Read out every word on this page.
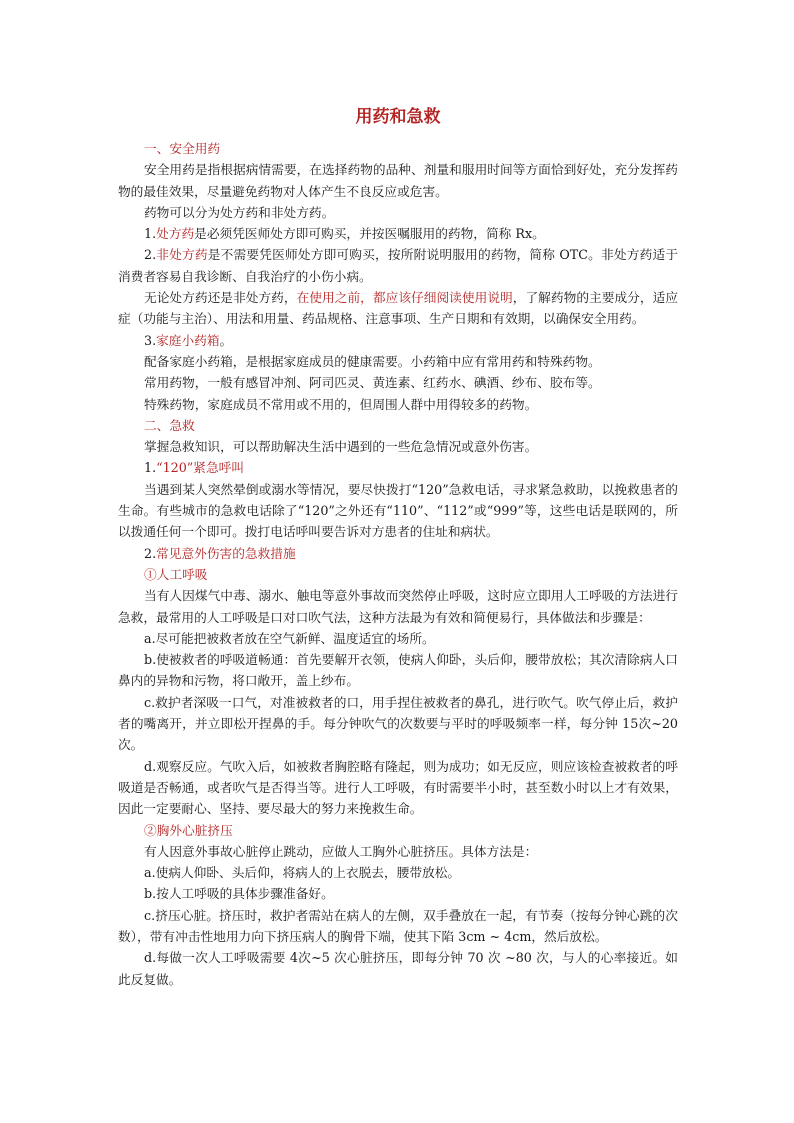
用药和急救

一、安全用药

安全用药是指根据病情需要，在选择药物的品种、剂量和服用时间等方面恰到好处，充分发挥药物的最佳效果，尽量避免药物对人体产生不良反应或危害。

药物可以分为处方药和非处方药。

1.处方药是必须凭医师处方即可购买，并按医嘱服用的药物，简称 Rx。

2.非处方药是不需要凭医师处方即可购买，按所附说明服用的药物，简称 OTC。非处方药适于消费者容易自我诊断、自我治疗的小伤小病。

无论处方药还是非处方药，在使用之前，都应该仔细阅读使用说明，了解药物的主要成分，适应症（功能与主治）、用法和用量、药品规格、注意事项、生产日期和有效期，以确保安全用药。

3.家庭小药箱。

配备家庭小药箱，是根据家庭成员的健康需要。小药箱中应有常用药和特殊药物。

常用药物，一般有感冒冲剂、阿司匹灵、黄连素、红药水、碘酒、纱布、胶布等。

特殊药物，家庭成员不常用或不用的，但周围人群中用得较多的药物。

二、急救

掌握急救知识，可以帮助解决生活中遇到的一些危急情况或意外伤害。

1.“120”紧急呼叫

当遇到某人突然晕倒或溺水等情况，要尽快拨打“120”急救电话，寻求紧急救助，以挽救患者的生命。有些城市的急救电话除了“120”之外还有“110”、“112”或“999”等，这些电话是联网的，所以拨通任何一个即可。拨打电话呼叫要告诉对方患者的住址和病状。

2.常见意外伤害的急救措施

①人工呼吸

当有人因煤气中毒、溺水、触电等意外事故而突然停止呼吸，这时应立即用人工呼吸的方法进行急救，最常用的人工呼吸是口对口吹气法，这种方法最为有效和简便易行，具体做法和步骤是：

a.尽可能把被救者放在空气新鲜、温度适宜的场所。

b.使被救者的呼吸道畅通：首先要解开衣领，使病人仰卧，头后仰，腰带放松；其次清除病人口鼻内的异物和污物，将口敞开，盖上纱布。

c.救护者深吸一口气，对准被救者的口，用手捏住被救者的鼻孔，进行吹气。吹气停止后，救护者的嘴离开，并立即松开捏鼻的手。每分钟吹气的次数要与平时的呼吸频率一样，每分钟 15次~20 次。

d.观察反应。气吹入后，如被救者胸腔略有隆起，则为成功；如无反应，则应该检查被救者的呼吸道是否畅通，或者吹气是否得当等。进行人工呼吸，有时需要半小时，甚至数小时以上才有效果，因此一定要耐心、坚持、要尽最大的努力来挽救生命。

②胸外心脏挤压

有人因意外事故心脏停止跳动，应做人工胸外心脏挤压。具体方法是：

a.使病人仰卧、头后仰，将病人的上衣脱去，腰带放松。

b.按人工呼吸的具体步骤准备好。

c.挤压心脏。挤压时，救护者需站在病人的左侧，双手叠放在一起，有节奏（按每分钟心跳的次数），带有冲击性地用力向下挤压病人的胸骨下端，使其下陷 3cm ~ 4cm，然后放松。

d.每做一次人工呼吸需要 4次~5 次心脏挤压，即每分钟 70 次 ~80 次，与人的心率接近。如此反复做。
